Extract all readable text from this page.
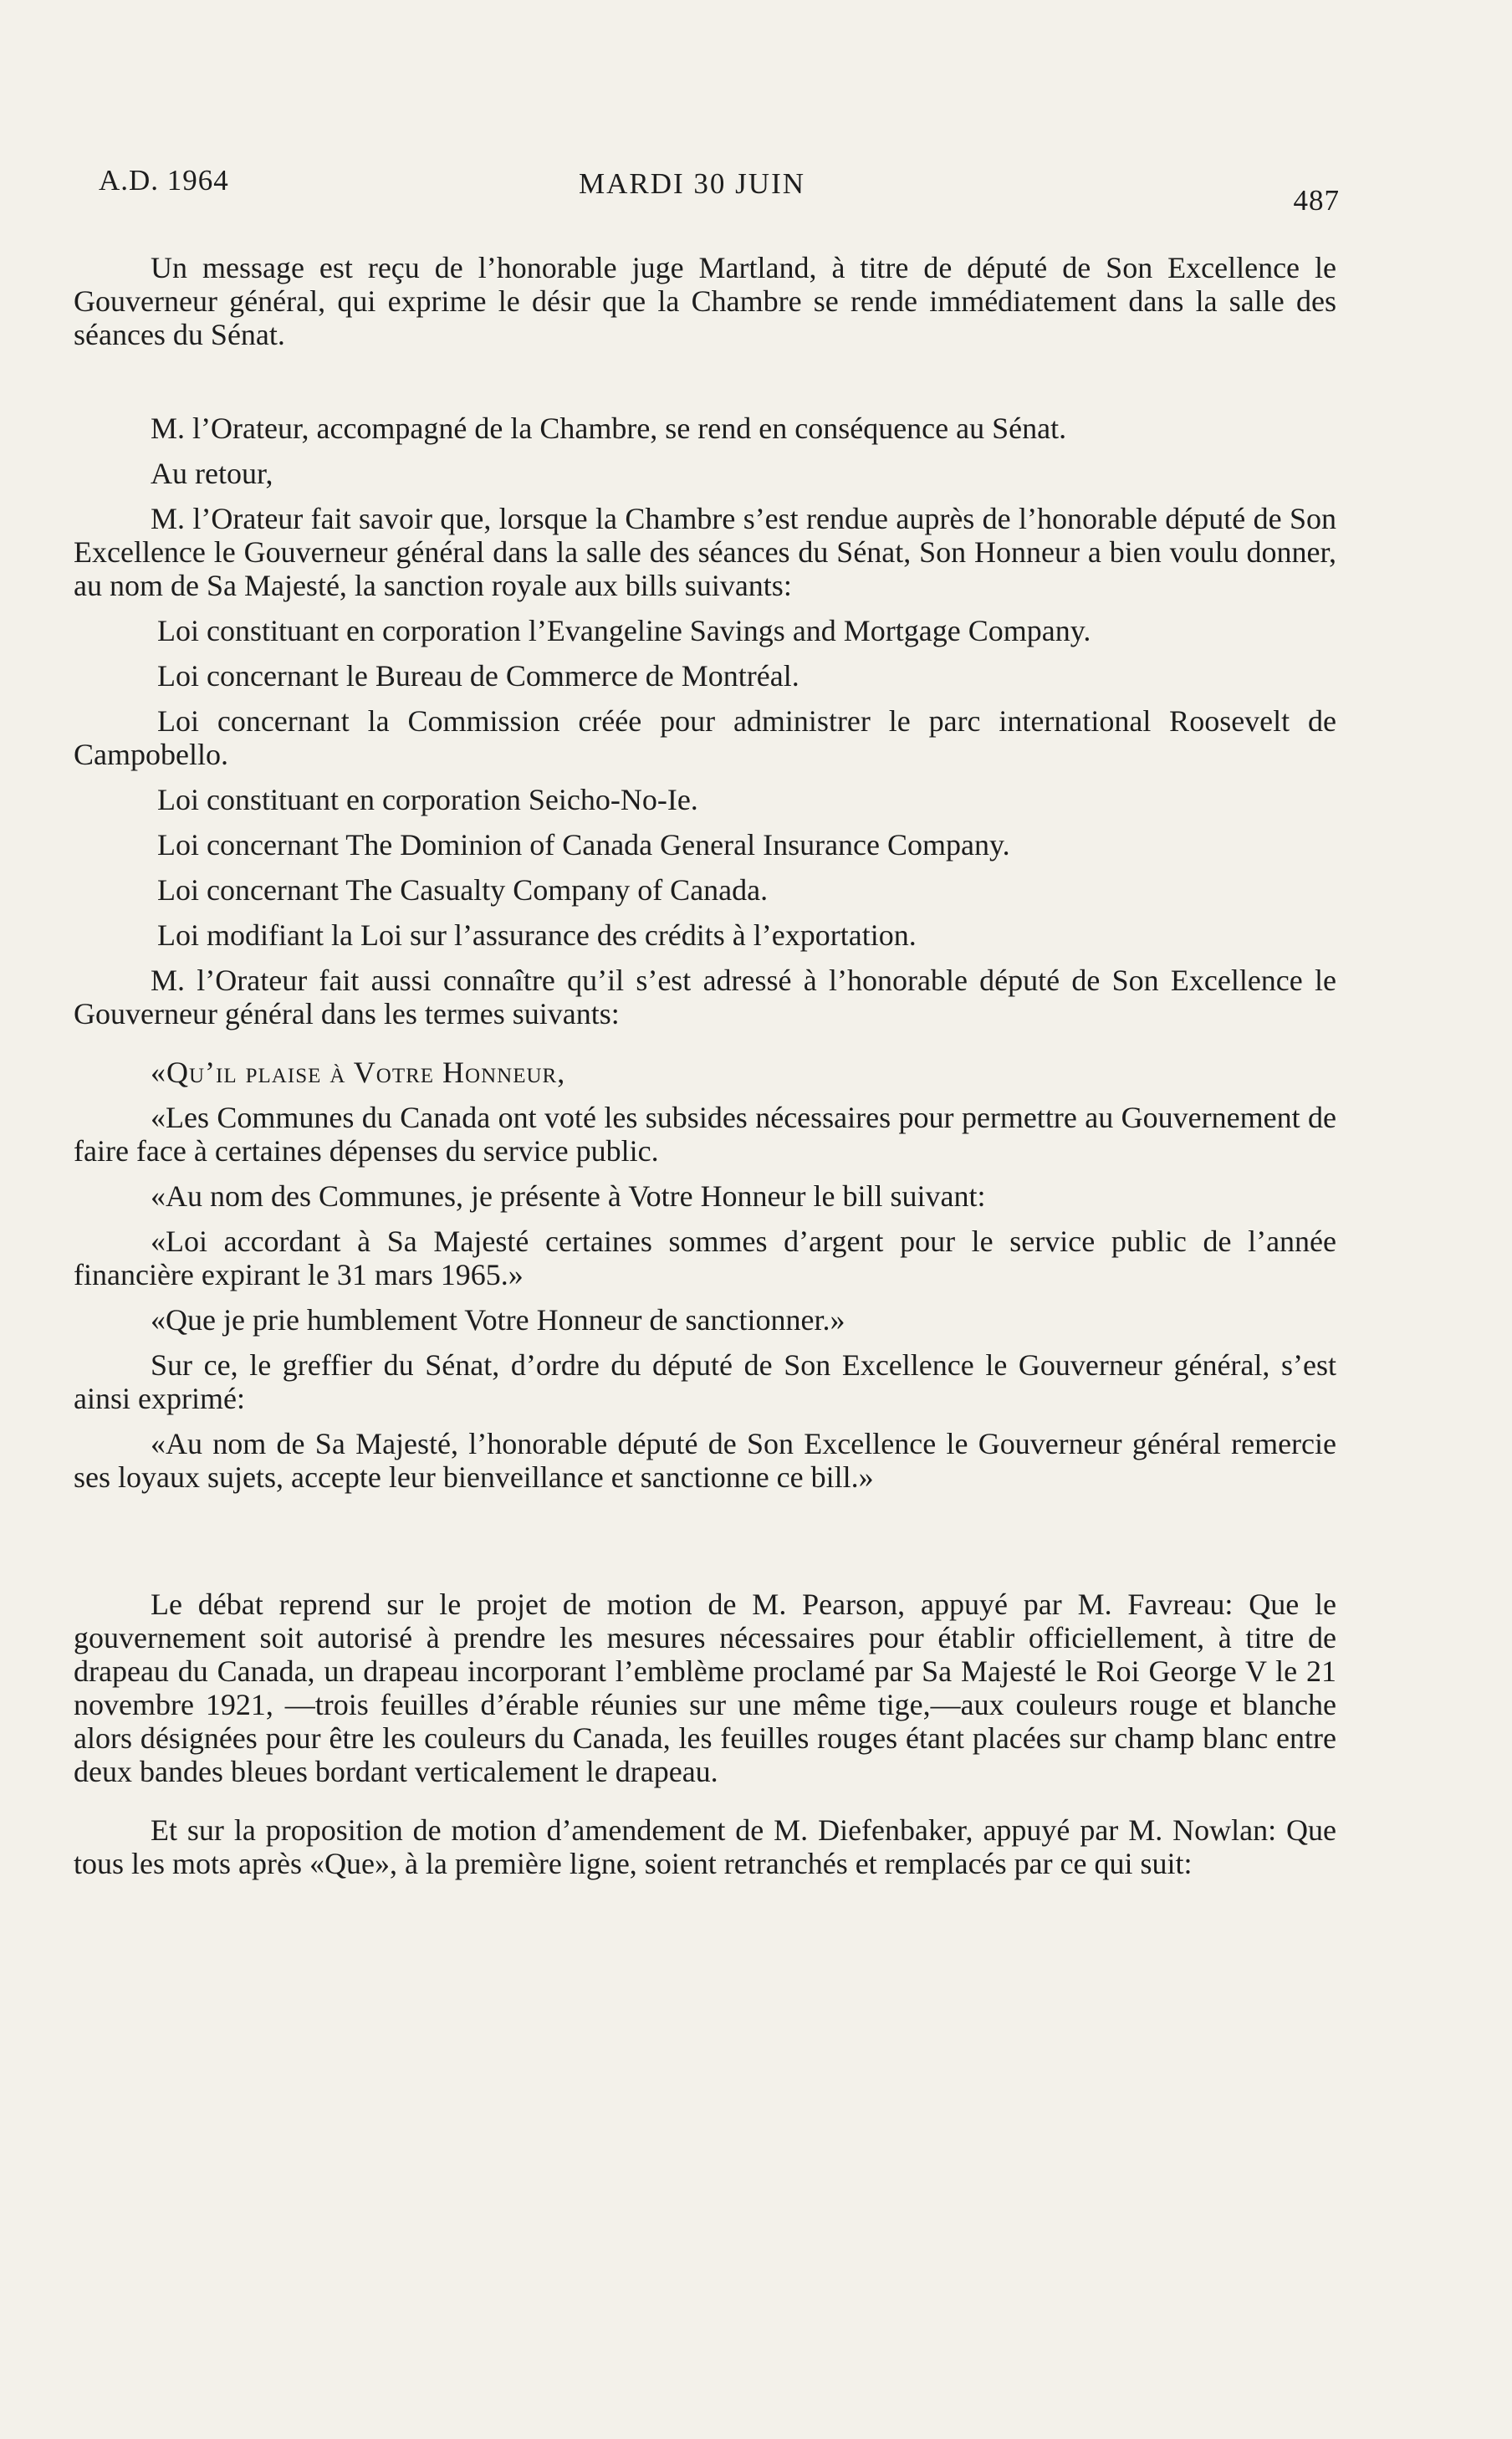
A.D. 1964	MARDI 30 JUIN
487

Un message est reçu de l’honorable juge Martland, à titre de député de Son Excellence le Gouverneur général, qui exprime le désir que la Chambre se rende immédiatement dans la salle des séances du Sénat.

M. l’Orateur, accompagné de la Chambre, se rend en conséquence au Sénat.

Au retour,

M. l’Orateur fait savoir que, lorsque la Chambre s’est rendue auprès de l’honorable député de Son Excellence le Gouverneur général dans la salle des séances du Sénat, Son Honneur a bien voulu donner, au nom de Sa Majesté, la sanction royale aux bills suivants:

Loi constituant en corporation l’Evangeline Savings and Mortgage Company.

Loi concernant le Bureau de Commerce de Montréal.

Loi concernant la Commission créée pour administrer le parc international Roosevelt de Campobello.

Loi constituant en corporation Seicho-No-Ie.

Loi concernant The Dominion of Canada General Insurance Company.

Loi concernant The Casualty Company of Canada.

Loi modifiant la Loi sur l’assurance des crédits à l’exportation.

M. l’Orateur fait aussi connaître qu’il s’est adressé à l’honorable député de Son Excellence le Gouverneur général dans les termes suivants:

«Qu’il plaise à Votre Honneur,

«Les Communes du Canada ont voté les subsides nécessaires pour permettre au Gouvernement de faire face à certaines dépenses du service public.

«Au nom des Communes, je présente à Votre Honneur le bill suivant:

«Loi accordant à Sa Majesté certaines sommes d’argent pour le service public de l’année financière expirant le 31 mars 1965.»

«Que je prie humblement Votre Honneur de sanctionner.»

Sur ce, le greffier du Sénat, d’ordre du député de Son Excellence le Gouverneur général, s’est ainsi exprimé:

«Au nom de Sa Majesté, l’honorable député de Son Excellence le Gouverneur général remercie ses loyaux sujets, accepte leur bienveillance et sanctionne ce bill.»

Le débat reprend sur le projet de motion de M. Pearson, appuyé par M. Favreau: Que le gouvernement soit autorisé à prendre les mesures nécessaires pour établir officiellement, à titre de drapeau du Canada, un drapeau incorporant l’emblème proclamé par Sa Majesté le Roi George V le 21 novembre 1921, —trois feuilles d’érable réunies sur une même tige,—aux couleurs rouge et blanche alors désignées pour être les couleurs du Canada, les feuilles rouges étant placées sur champ blanc entre deux bandes bleues bordant verticalement le drapeau.

Et sur la proposition de motion d’amendement de M. Diefenbaker, appuyé par M. Nowlan: Que tous les mots après «Que», à la première ligne, soient retranchés et remplacés par ce qui suit:
